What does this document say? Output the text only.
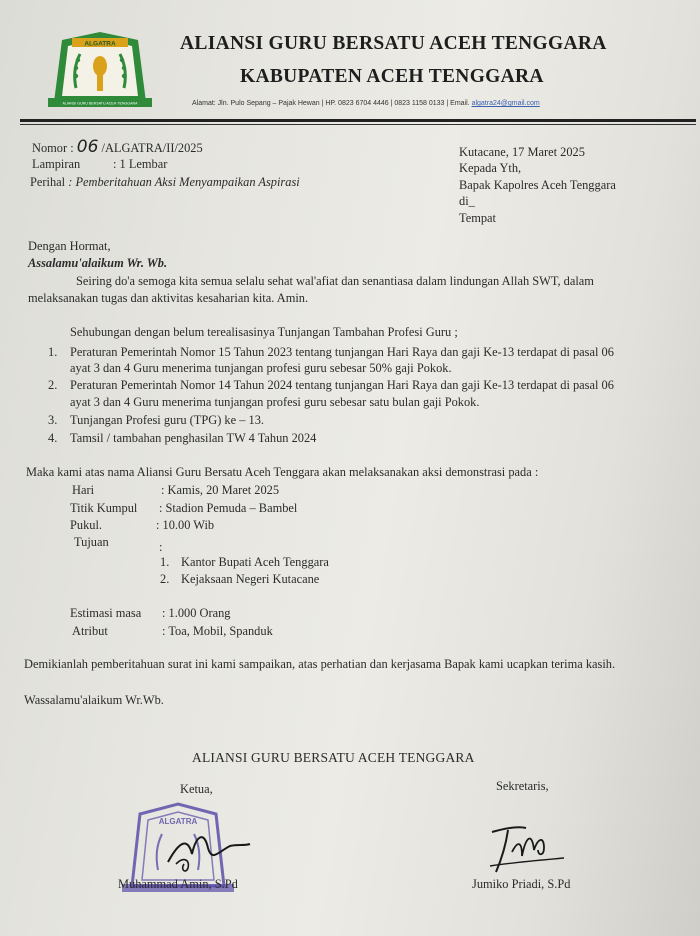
ALGATRA
ALIANSI GURU BERSATU ACEH TENGGARA
ALIANSI GURU BERSATU ACEH TENGGARA
KABUPATEN ACEH TENGGARA
Alamat: Jln. Pulo Sepang – Pajak Hewan | HP. 0823 6704 4446 | 0823 1158 0133 | Email. algatra24@gmail.com
Nomor : 06 /ALGATRA/II/2025
Lampiran	: 1 Lembar
Perihal : Pemberitahuan Aksi Menyampaikan Aspirasi
Kutacane, 17 Maret 2025
Kepada Yth,
Bapak Kapolres Aceh Tenggara
di_
Tempat
Dengan Hormat,
Assalamu'alaikum Wr. Wb.
Seiring do'a semoga kita semua selalu sehat wal'afiat dan senantiasa dalam lindungan Allah SWT, dalam
melaksanakan tugas dan aktivitas kesaharian kita. Amin.
Sehubungan dengan belum terealisasinya Tunjangan Tambahan Profesi Guru ;
1. Peraturan Pemerintah Nomor 15 Tahun 2023 tentang tunjangan Hari Raya dan gaji Ke-13 terdapat di pasal 06
ayat 3 dan 4 Guru menerima tunjangan profesi guru sebesar 50% gaji Pokok.
2. Peraturan Pemerintah Nomor 14 Tahun 2024 tentang tunjangan Hari Raya dan gaji Ke-13 terdapat di pasal 06
ayat 3 dan 4 Guru menerima tunjangan profesi guru sebesar satu bulan gaji Pokok.
3. Tunjangan Profesi guru (TPG) ke – 13.
4. Tamsil / tambahan penghasilan TW 4 Tahun 2024
Maka kami atas nama Aliansi Guru Bersatu Aceh Tenggara akan melaksanakan aksi demonstrasi pada :
Hari	: Kamis, 20 Maret 2025
Titik Kumpul : Stadion Pemuda – Bambel
Pukul.	: 10.00 Wib
Tujuan	:
1. Kantor Bupati Aceh Tenggara
2. Kejaksaan Negeri Kutacane
Estimasi masa : 1.000 Orang
Atribut	: Toa, Mobil, Spanduk
Demikianlah pemberitahuan surat ini kami sampaikan, atas perhatian dan kerjasama Bapak kami ucapkan terima kasih.
Wassalamu'alaikum Wr.Wb.
ALIANSI GURU BERSATU ACEH TENGGARA
Ketua,	Sekretaris,
ALGATRA
Muhammad Amin, S.Pd	Jumiko Priadi, S.Pd
